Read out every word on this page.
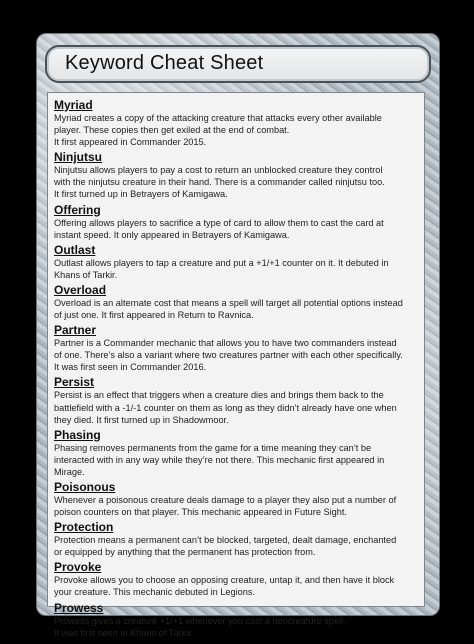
Keyword Cheat Sheet
Myriad

Myriad creates a copy of the attacking creature that attacks every other available
player. These copies then get exiled at the end of combat.
It first appeared in Commander 2015.

Ninjutsu

Ninjutsu allows players to pay a cost to return an unblocked creature they control
with the ninjutsu creature in their hand. There is a commander called ninjutsu too.
It first turned up in Betrayers of Kamigawa.

Offering

Offering allows players to sacrifice a type of card to allow them to cast the card at
instant speed. It only appeared in Betrayers of Kamigawa.

Outlast

Outlast allows players to tap a creature and put a +1/+1 counter on it. It debuted in
Khans of Tarkir.

Overload

Overload is an alternate cost that means a spell will target all potential options instead
of just one. It first appeared in Return to Ravnica.

Partner

Partner is a Commander mechanic that allows you to have two commanders instead
of one. There’s also a variant where two creatures partner with each other specifically.
It was first seen in Commander 2016.

Persist

Persist is an effect that triggers when a creature dies and brings them back to the
battlefield with a -1/-1 counter on them as long as they didn’t already have one when
they died. It first turned up in Shadowmoor.

Phasing

Phasing removes permanents from the game for a time meaning they can’t be
interacted with in any way while they’re not there. This mechanic first appeared in
Mirage.

Poisonous

Whenever a poisonous creature deals damage to a player they also put a number of
poison counters on that player. This mechanic appeared in Future Sight.

Protection

Protection means a permanent can’t be blocked, targeted, dealt damage, enchanted
or equipped by anything that the permanent has protection from.

Provoke

Provoke allows you to choose an opposing creature, untap it, and then have it block
your creature. This mechanic debuted in Legions.

Prowess

Prowess gives a creature +1/+1 whenever you cast a noncreature spell.
It was first seen in Khans of Tarkir.
